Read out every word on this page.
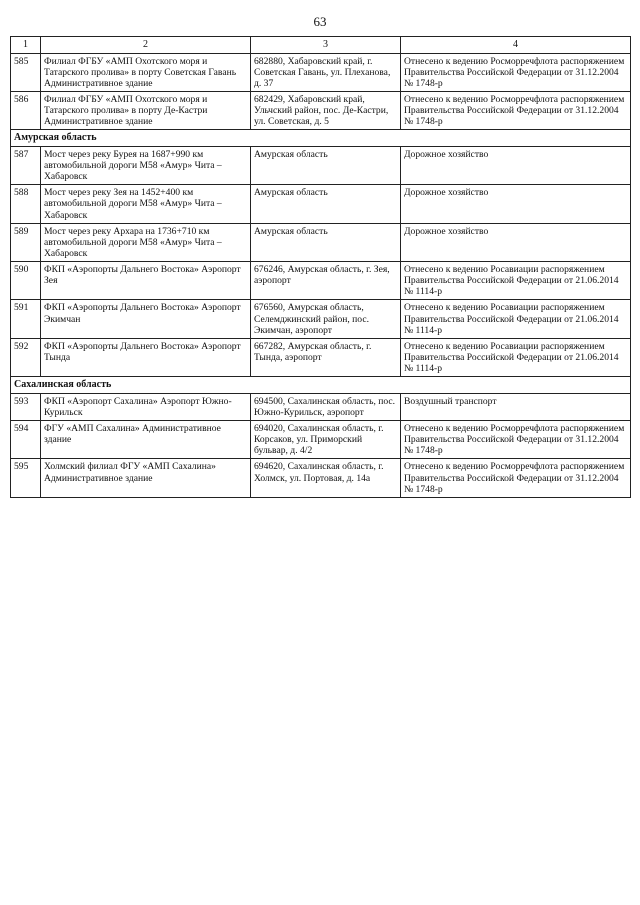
63
1	2	3	4
585	Филиал ФГБУ «АМП Охотского моря и Татарского пролива» в порту Советская Гавань Административное здание	682880, Хабаровский край, г. Советская Гавань, ул. Плеханова, д. 37	Отнесено к ведению Росморречфлота распоряжением Правительства Российской Федерации от 31.12.2004 № 1748-р
586	Филиал ФГБУ «АМП Охотского моря и Татарского пролива» в порту Де-Кастри Административное здание	682429, Хабаровский край, Ульчский район, пос. Де-Кастри, ул. Советская, д. 5	Отнесено к ведению Росморречфлота распоряжением Правительства Российской Федерации от 31.12.2004 № 1748-р
Амурская область			
587	Мост через реку Бурея на 1687+990 км автомобильной дороги М58 «Амур» Чита – Хабаровск	Амурская область	Дорожное хозяйство
588	Мост через реку Зея на 1452+400 км автомобильной дороги М58 «Амур» Чита – Хабаровск	Амурская область	Дорожное хозяйство
589	Мост через реку Архара на 1736+710 км автомобильной дороги М58 «Амур» Чита – Хабаровск	Амурская область	Дорожное хозяйство
590	ФКП «Аэропорты Дальнего Востока» Аэропорт Зея	676246, Амурская область, г. Зея, аэропорт	Отнесено к ведению Росавиации распоряжением Правительства Российской Федерации от 21.06.2014 № 1114-р
591	ФКП «Аэропорты Дальнего Востока» Аэропорт Экимчан	676560, Амурская область, Селемджинский район, пос. Экимчан, аэропорт	Отнесено к ведению Росавиации распоряжением Правительства Российской Федерации от 21.06.2014 № 1114-р
592	ФКП «Аэропорты Дальнего Востока» Аэропорт Тында	667282, Амурская область, г. Тында, аэропорт	Отнесено к ведению Росавиации распоряжением Правительства Российской Федерации от 21.06.2014 № 1114-р
Сахалинская область			
593	ФКП «Аэропорт Сахалина» Аэропорт Южно-Курильск	694500, Сахалинская область, пос. Южно-Курильск, аэропорт	Воздушный транспорт
594	ФГУ «АМП Сахалина» Административное здание	694020, Сахалинская область, г. Корсаков, ул. Приморский бульвар, д. 4/2	Отнесено к ведению Росморречфлота распоряжением Правительства Российской Федерации от 31.12.2004 № 1748-р
595	Холмский филиал ФГУ «АМП Сахалина» Административное здание	694620, Сахалинская область, г. Холмск, ул. Портовая, д. 14а	Отнесено к ведению Росморречфлота распоряжением Правительства Российской Федерации от 31.12.2004 № 1748-р
